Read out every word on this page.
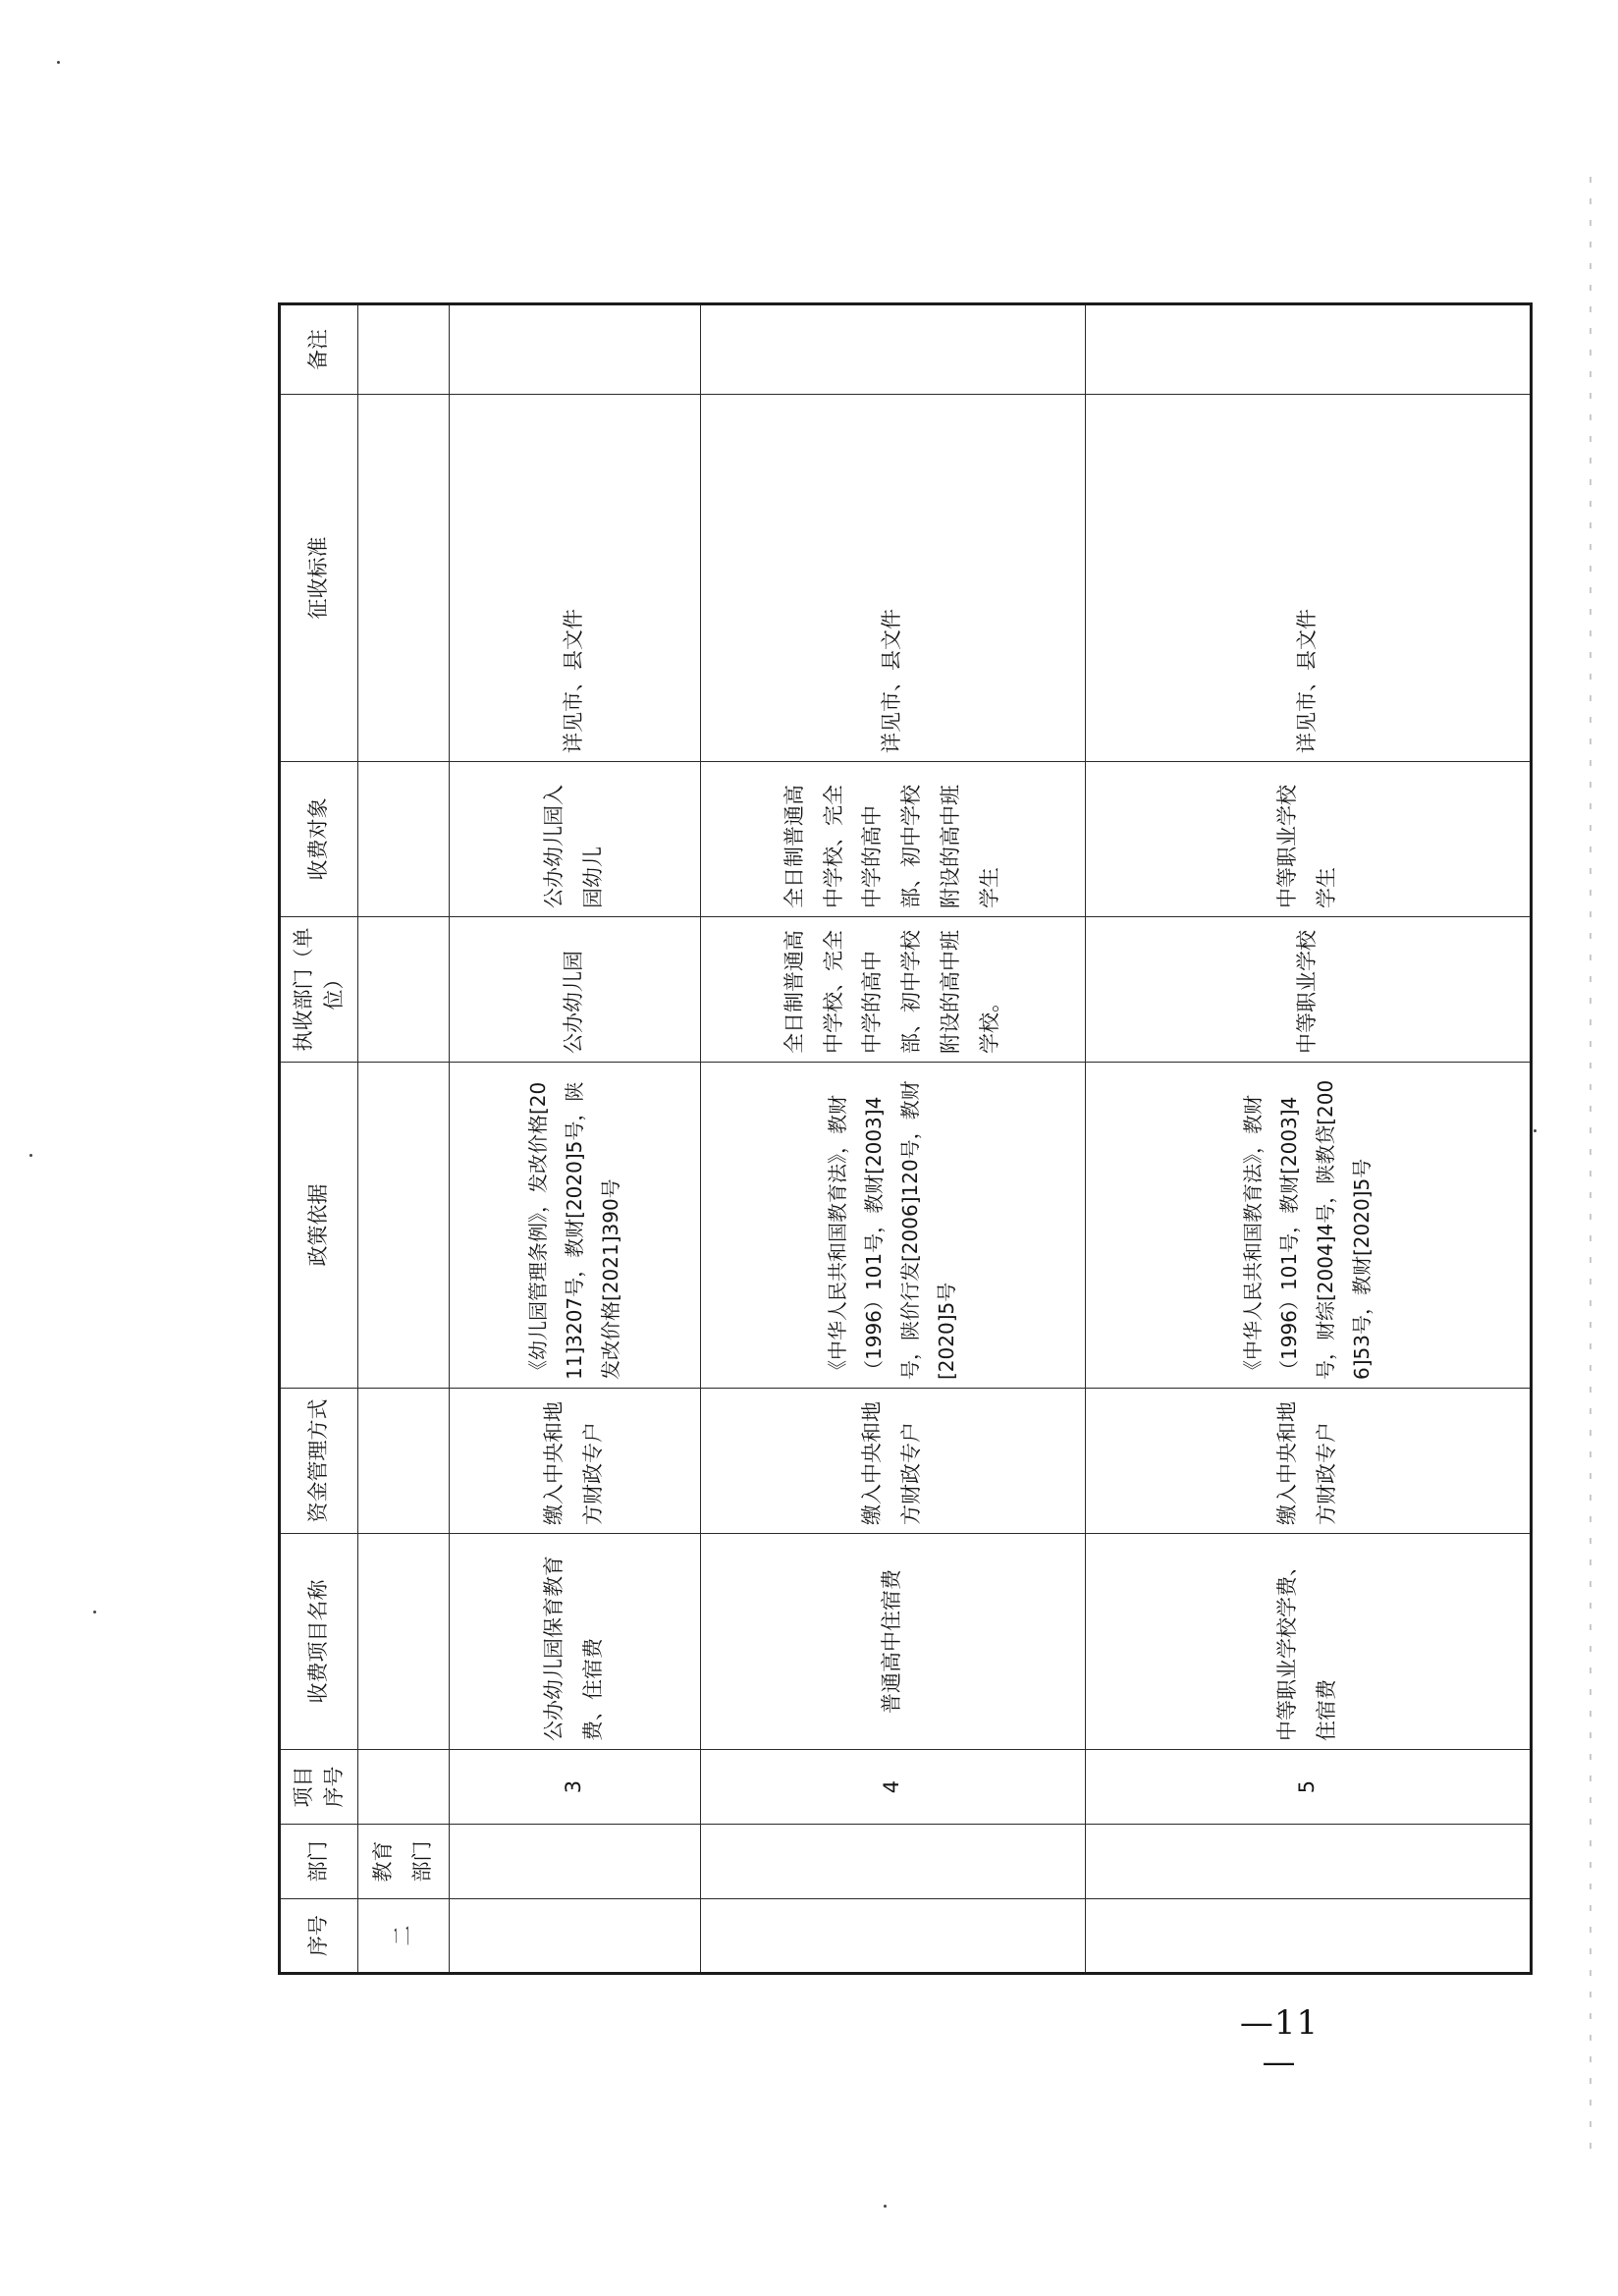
序号	部门	项目序号	收费项目名称	资金管理方式	政策依据	执收部门（单位）	收费对象	征收标准	备注
二	教育部门								
		3	公办幼儿园保育教育费、住宿费	缴入中央和地方财政专户	《幼儿园管理条例》，发改价格[2011]3207号，教财[2020]5号，陕发改价格[2021]390号	公办幼儿园	公办幼儿园入园幼儿	详见市、县文件	
		4	普通高中住宿费	缴入中央和地方财政专户	《中华人民共和国教育法》，教财（1996）101号，教财[2003]4号，陕价行发[2006]120号，教财[2020]5号	全日制普通高中学校、完全中学的高中部、初中学校附设的高中班学校。	全日制普通高中学校、完全中学的高中部、初中学校附设的高中班学生	详见市、县文件	
		5	中等职业学校学费、住宿费	缴入中央和地方财政专户	《中华人民共和国教育法》，教财（1996）101号，教财[2003]4号，财综[2004]4号，陕教贷[2006]53号，教财[2020]5号	中等职业学校	中等职业学校学生	详见市、县文件	
—11—
